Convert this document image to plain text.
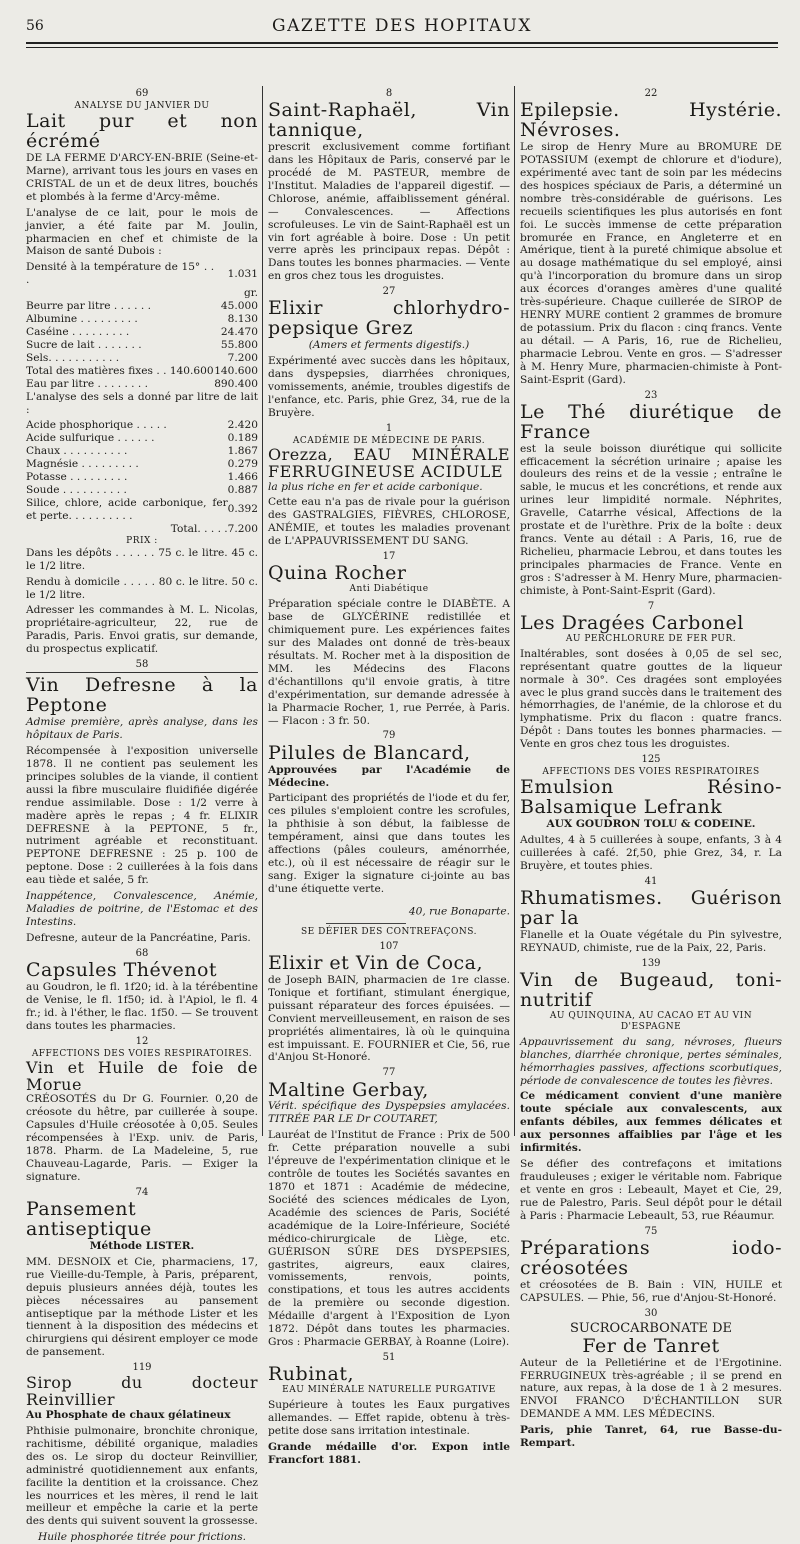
56	GAZETTE DES HOPITAUX
69
ANALYSE DU JANVIER DU
Lait pur et non écrémé

DE LA FERME D'ARCY-EN-BRIE (Seine-et-Marne), arrivant tous les jours en vases en CRISTAL de un et de deux litres, bouchés et plombés à la ferme d'Arcy-même.

L'analyse de ce lait, pour le mois de janvier, a été faite par M. Joulin, pharmacien en chef et chimiste de la Maison de santé Dubois :

Densité à la température de 15° . . .	1.031
	gr.
Beurre par litre . . . . . .	45.000
Albumine . . . . . . . . .	8.130
Caséine . . . . . . . . .	24.470
Sucre de lait . . . . . . .	55.800
Sels. . . . . . . . . . .	7.200
Total des matières fixes . . 140.600	140.600
Eau par litre . . . . . . . .	890.400

L'analyse des sels a donné par litre de lait :

Acide phosphorique . . . . .	2.420
Acide sulfurique . . . . . .	0.189
Chaux . . . . . . . . . .	1.867
Magnésie . . . . . . . . .	0.279
Potasse . . . . . . . . .	1.466
Soude . . . . . . . . . .	0.887
Silice, chlore, acide carbonique, fer et perte. . . . . . . . . .	0.392
Total. . . . .	7.200
PRIX :

Dans les dépôts . . . . . . 75 c. le litre. 45 c. le 1/2 litre.

Rendu à domicile . . . . . 80 c. le litre. 50 c. le 1/2 litre.

Adresser les commandes à M. L. Nicolas, propriétaire-agriculteur, 22, rue de Paradis, Paris. Envoi gratis, sur demande, du prospectus explicatif.

58
Vin Defresne à la Peptone

Admise première, après analyse, dans les hôpitaux de Paris.

Récompensée à l'exposition universelle 1878. Il ne contient pas seulement les principes solubles de la viande, il contient aussi la fibre musculaire fluidifiée digérée rendue assimilable. Dose : 1/2 verre à madère après le repas ; 4 fr. ELIXIR DEFRESNE à la PEPTONE, 5 fr., nutriment agréable et reconstituant. PEPTONE DEFRESNE : 25 p. 100 de peptone. Dose : 2 cuillerées à la fois dans eau tiède et salée, 5 fr.

Inappétence, Convalescence, Anémie, Maladies de poitrine, de l'Estomac et des Intestins.

Defresne, auteur de la Pancréatine, Paris.

68
Capsules Thévenot

au Goudron, le fl. 1f20; id. à la térébentine de Venise, le fl. 1f50; id. à l'Apiol, le fl. 4 fr.; id. à l'éther, le flac. 1f50. — Se trouvent dans toutes les pharmacies.

12
AFFECTIONS DES VOIES RESPIRATOIRES.
Vin et Huile de foie de Morue

CRÉOSOTÉS du Dr G. Fournier. 0,20 de créosote du hêtre, par cuillerée à soupe. Capsules d'Huile créosotée à 0,05. Seules récompensées à l'Exp. univ. de Paris, 1878. Pharm. de La Madeleine, 5, rue Chauveau-Lagarde, Paris. — Exiger la signature.

74
Pansement antiseptique

Méthode LISTER.

MM. DESNOIX et Cie, pharmaciens, 17, rue Vieille-du-Temple, à Paris, préparent, depuis plusieurs années déjà, toutes les pièces nécessaires au pansement antiseptique par la méthode Lister et les tiennent à la disposition des médecins et chirurgiens qui désirent employer ce mode de pansement.

119
Sirop du docteur Reinvillier

Au Phosphate de chaux gélatineux

Phthisie pulmonaire, bronchite chronique, rachitisme, débilité organique, maladies des os. Le sirop du docteur Reinvillier, administré quotidiennement aux enfants, facilite la dentition et la croissance. Chez les nourrices et les mères, il rend le lait meilleur et empêche la carie et la perte des dents qui suivent souvent la grossesse.

Huile phosphorée titrée pour frictions.

8
Saint-Raphaël, Vin tannique,

prescrit exclusivement comme fortifiant dans les Hôpitaux de Paris, conservé par le procédé de M. PASTEUR, membre de l'Institut. Maladies de l'appareil digestif. — Chlorose, anémie, affaiblissement général. — Convalescences. — Affections scrofuleuses. Le vin de Saint-Raphaël est un vin fort agréable à boire. Dose : Un petit verre après les principaux repas. Dépôt : Dans toutes les bonnes pharmacies. — Vente en gros chez tous les droguistes.

27
Elixir chlorhydro-pepsique Grez

(Amers et ferments digestifs.)

Expérimenté avec succès dans les hôpitaux, dans dyspepsies, diarrhées chroniques, vomissements, anémie, troubles digestifs de l'enfance, etc. Paris, phie Grez, 34, rue de la Bruyère.

1
ACADÉMIE DE MÉDECINE DE PARIS.
Orezza, EAU MINÉRALE FERRUGINEUSE ACIDULE

la plus riche en fer et acide carbonique.

Cette eau n'a pas de rivale pour la guérison des GASTRALGIES, FIÈVRES, CHLOROSE, ANÉMIE, et toutes les maladies provenant de L'APPAUVRISSEMENT DU SANG.

17
Quina Rocher

Anti Diabétique

Préparation spéciale contre le DIABÈTE. A base de GLYCÉRINE redistillée et chimiquement pure. Les expériences faites sur des Malades ont donné de très-beaux résultats. M. Rocher met à la disposition de MM. les Médecins des Flacons d'échantillons qu'il envoie gratis, à titre d'expérimentation, sur demande adressée à la Pharmacie Rocher, 1, rue Perrée, à Paris. — Flacon : 3 fr. 50.

79
Pilules de Blancard,

Approuvées par l'Académie de Médecine.

Participant des propriétés de l'iode et du fer, ces pilules s'emploient contre les scrofules, la phthisie à son début, la faiblesse de tempérament, ainsi que dans toutes les affections (pâles couleurs, aménorrhée, etc.), où il est nécessaire de réagir sur le sang. Exiger la signature ci-jointe au bas d'une étiquette verte.

40, rue Bonaparte.

SE DÉFIER DES CONTREFAÇONS.

107
Elixir et Vin de Coca,

de Joseph BAIN, pharmacien de 1re classe. Tonique et fortifiant, stimulant énergique, puissant réparateur des forces épuisées. — Convient merveilleusement, en raison de ses propriétés alimentaires, là où le quinquina est impuissant. E. FOURNIER et Cie, 56, rue d'Anjou St-Honoré.

77
Maltine Gerbay,

Vérit. spécifique des Dyspepsies amylacées. TITRÉE PAR LE Dr COUTARET,

Lauréat de l'Institut de France : Prix de 500 fr. Cette préparation nouvelle a subi l'épreuve de l'expérimentation clinique et le contrôle de toutes les Sociétés savantes en 1870 et 1871 : Académie de médecine, Société des sciences médicales de Lyon, Académie des sciences de Paris, Société académique de la Loire-Inférieure, Société médico-chirurgicale de Liège, etc. GUÉRISON SÛRE DES DYSPEPSIES, gastrites, aigreurs, eaux claires, vomissements, renvois, points, constipations, et tous les autres accidents de la première ou seconde digestion. Médaille d'argent à l'Exposition de Lyon 1872. Dépôt dans toutes les pharmacies. Gros : Pharmacie GERBAY, à Roanne (Loire).

51
Rubinat,

EAU MINÉRALE NATURELLE PURGATIVE

Supérieure à toutes les Eaux purgatives allemandes. — Effet rapide, obtenu à très-petite dose sans irritation intestinale.

Grande médaille d'or. Expon intle Francfort 1881.

22
Epilepsie. Hystérie. Névroses.

Le sirop de Henry Mure au BROMURE DE POTASSIUM (exempt de chlorure et d'iodure), expérimenté avec tant de soin par les médecins des hospices spéciaux de Paris, a déterminé un nombre très-considérable de guérisons. Les recueils scientifiques les plus autorisés en font foi. Le succès immense de cette préparation bromurée en France, en Angleterre et en Amérique, tient à la pureté chimique absolue et au dosage mathématique du sel employé, ainsi qu'à l'incorporation du bromure dans un sirop aux écorces d'oranges amères d'une qualité très-supérieure. Chaque cuillerée de SIROP de HENRY MURE contient 2 grammes de bromure de potassium. Prix du flacon : cinq francs. Vente au détail. — A Paris, 16, rue de Richelieu, pharmacie Lebrou. Vente en gros. — S'adresser à M. Henry Mure, pharmacien-chimiste à Pont-Saint-Esprit (Gard).

23
Le Thé diurétique de France

est la seule boisson diurétique qui sollicite efficacement la sécrétion urinaire ; apaise les douleurs des reins et de la vessie ; entraîne le sable, le mucus et les concrétions, et rende aux urines leur limpidité normale. Néphrites, Gravelle, Catarrhe vésical, Affections de la prostate et de l'urèthre. Prix de la boîte : deux francs. Vente au détail : A Paris, 16, rue de Richelieu, pharmacie Lebrou, et dans toutes les principales pharmacies de France. Vente en gros : S'adresser à M. Henry Mure, pharmacien-chimiste, à Pont-Saint-Esprit (Gard).

7
Les Dragées Carbonel

AU PERCHLORURE DE FER PUR.

Inaltérables, sont dosées à 0,05 de sel sec, représentant quatre gouttes de la liqueur normale à 30°. Ces dragées sont employées avec le plus grand succès dans le traitement des hémorrhagies, de l'anémie, de la chlorose et du lymphatisme. Prix du flacon : quatre francs. Dépôt : Dans toutes les bonnes pharmacies. — Vente en gros chez tous les droguistes.

125
AFFECTIONS DES VOIES RESPIRATOIRES
Emulsion Résino-Balsamique Lefrank

AUX GOUDRON TOLU & CODEINE.

Adultes, 4 à 5 cuillerées à soupe, enfants, 3 à 4 cuillerées à café. 2f,50, phie Grez, 34, r. La Bruyère, et toutes phies.

41
Rhumatismes. Guérison par la

Flanelle et la Ouate végétale du Pin sylvestre, REYNAUD, chimiste, rue de la Paix, 22, Paris.

139
Vin de Bugeaud, toni-nutritif

AU QUINQUINA, AU CACAO ET AU VIN D'ESPAGNE

Appauvrissement du sang, névroses, flueurs blanches, diarrhée chronique, pertes séminales, hémorrhagies passives, affections scorbutiques, période de convalescence de toutes les fièvres.

Ce médicament convient d'une manière toute spéciale aux convalescents, aux enfants débiles, aux femmes délicates et aux personnes affaiblies par l'âge et les infirmités.

Se défier des contrefaçons et imitations frauduleuses ; exiger le véritable nom. Fabrique et vente en gros : Lebeault, Mayet et Cie, 29, rue de Palestro, Paris. Seul dépôt pour le détail à Paris : Pharmacie Lebeault, 53, rue Réaumur.

75
Préparations iodo-créosotées

et créosotées de B. Bain : VIN, HUILE et CAPSULES. — Phie, 56, rue d'Anjou-St-Honoré.

30
SUCROCARBONATE DE
Fer de Tanret

Auteur de la Pelletiérine et de l'Ergotinine. FERRUGINEUX très-agréable ; il se prend en nature, aux repas, à la dose de 1 à 2 mesures. ENVOI FRANCO D'ÉCHANTILLON SUR DEMANDE A MM. LES MÉDECINS.

Paris, phie Tanret, 64, rue Basse-du-Rempart.
